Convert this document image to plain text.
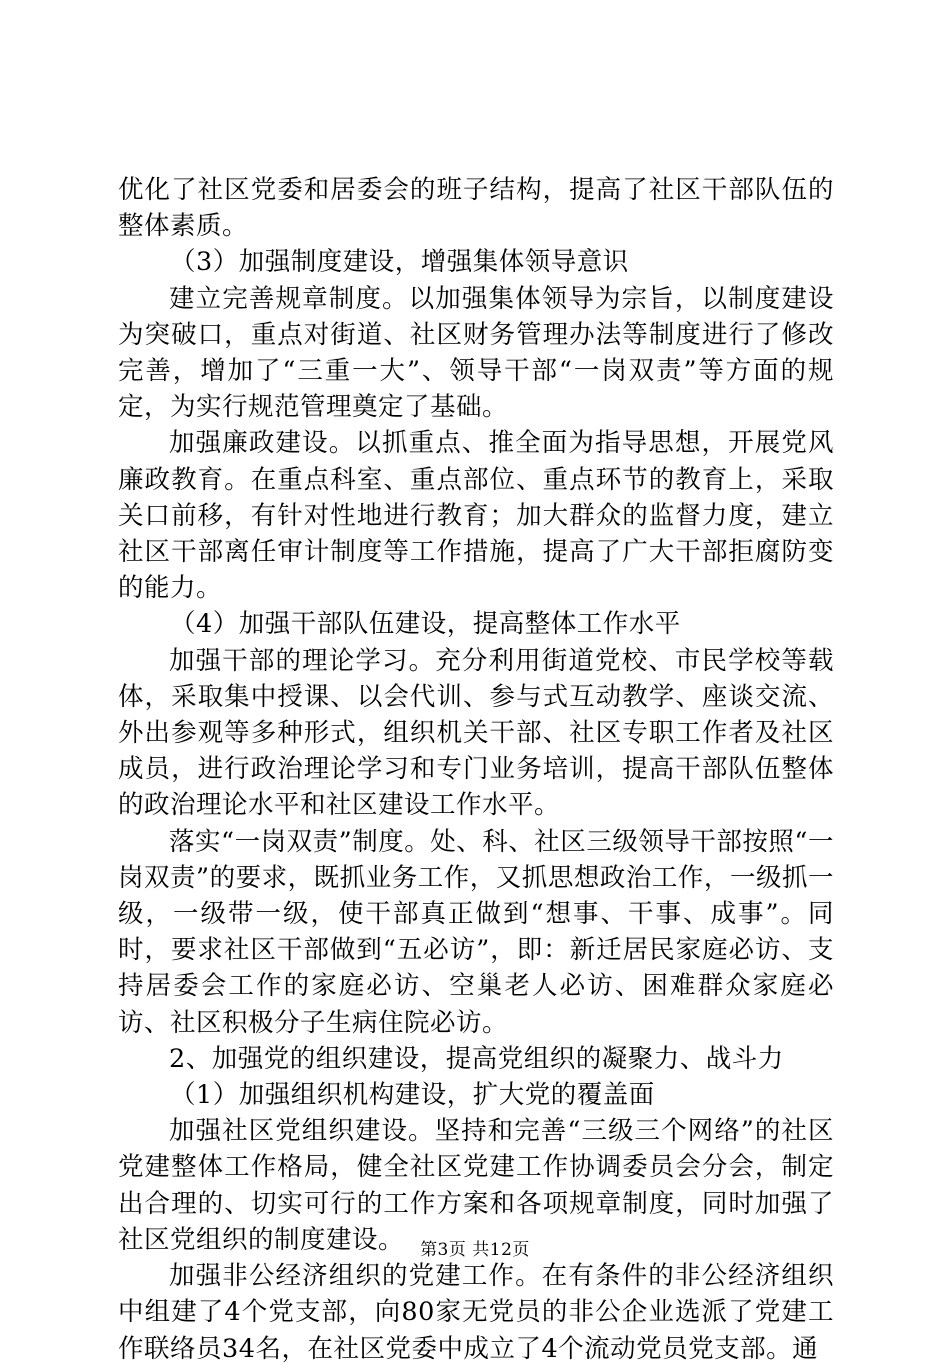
优化了社区党委和居委会的班子结构，提高了社区干部队伍的整体素质。

（3）加强制度建设，增强集体领导意识

建立完善规章制度。以加强集体领导为宗旨，以制度建设为突破口，重点对街道、社区财务管理办法等制度进行了修改完善，增加了“三重一大”、领导干部“一岗双责”等方面的规定，为实行规范管理奠定了基础。

加强廉政建设。以抓重点、推全面为指导思想，开展党风廉政教育。在重点科室、重点部位、重点环节的教育上，采取关口前移，有针对性地进行教育；加大群众的监督力度，建立社区干部离任审计制度等工作措施，提高了广大干部拒腐防变的能力。

（4）加强干部队伍建设，提高整体工作水平

加强干部的理论学习。充分利用街道党校、市民学校等载体，采取集中授课、以会代训、参与式互动教学、座谈交流、外出参观等多种形式，组织机关干部、社区专职工作者及社区成员，进行政治理论学习和专门业务培训，提高干部队伍整体的政治理论水平和社区建设工作水平。

落实“一岗双责”制度。处、科、社区三级领导干部按照“一岗双责”的要求，既抓业务工作，又抓思想政治工作，一级抓一级，一级带一级，使干部真正做到“想事、干事、成事”。同时，要求社区干部做到“五必访”，即：新迁居民家庭必访、支持居委会工作的家庭必访、空巢老人必访、困难群众家庭必访、社区积极分子生病住院必访。

2、加强党的组织建设，提高党组织的凝聚力、战斗力

（1）加强组织机构建设，扩大党的覆盖面

加强社区党组织建设。坚持和完善“三级三个网络”的社区党建整体工作格局，健全社区党建工作协调委员会分会，制定出合理的、切实可行的工作方案和各项规章制度，同时加强了社区党组织的制度建设。

加强非公经济组织的党建工作。在有条件的非公经济组织中组建了4个党支部，向80家无党员的非公企业选派了党建工作联络员34名，在社区党委中成立了4个流动党员党支部。通

第3页 共12页
